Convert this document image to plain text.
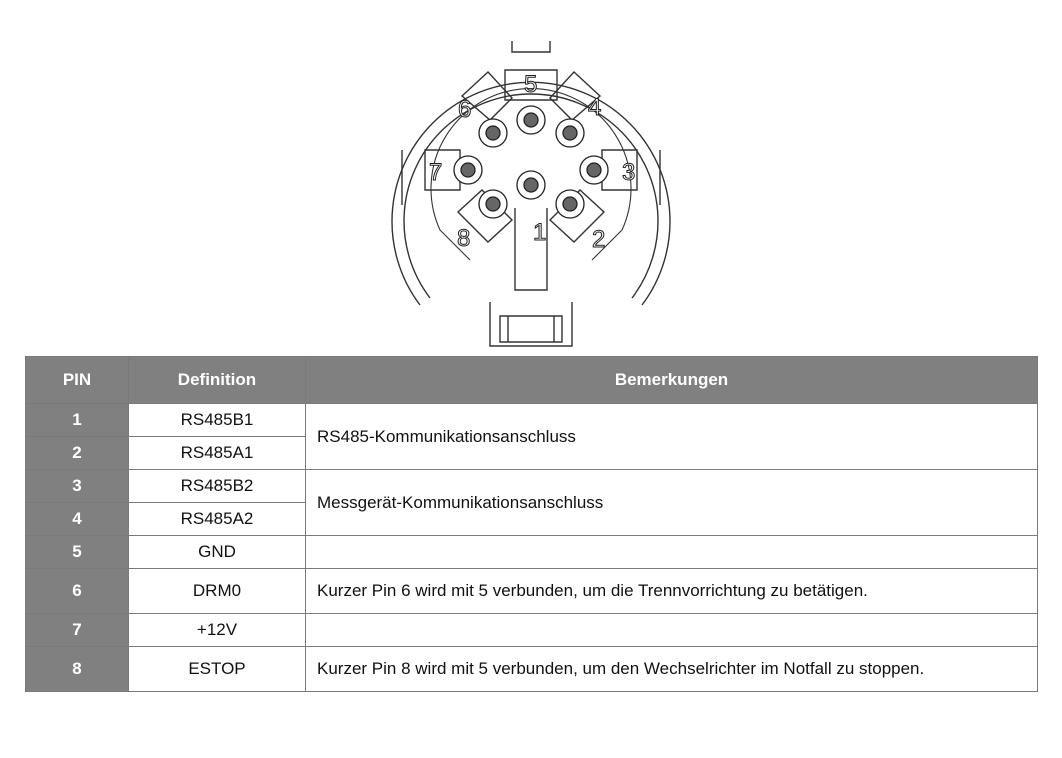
1 2
3
4
5
6
7
8
PIN	Definition	Bemerkungen
1	RS485B1	RS485-Kommunikationsanschluss
2	RS485A1	
3	RS485B2	Messgerät-Kommunikationsanschluss
4	RS485A2	
5	GND	
6	DRM0	Kurzer Pin 6 wird mit 5 verbunden, um die Trennvorrichtung zu betätigen.
7	+12V	
8	ESTOP	Kurzer Pin 8 wird mit 5 verbunden, um den Wechselrichter im Notfall zu stoppen.
